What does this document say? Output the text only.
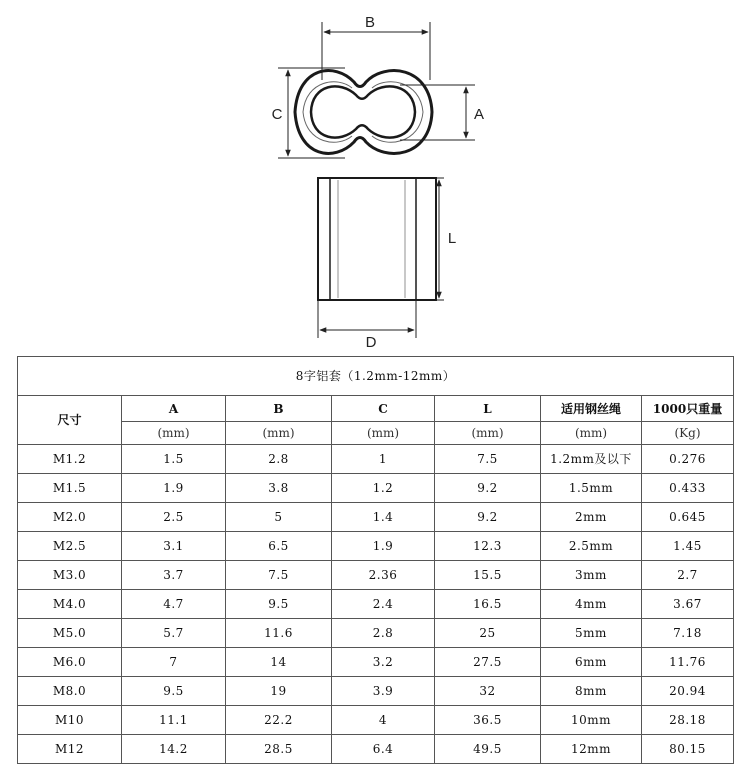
B
C	A
L
D
8字铝套（1.2mm-12mm）						
尺寸	A	B	C	L	适用钢丝绳	1000只重量
	(mm)	(mm)	(mm)	(mm)	(mm)	(Kg)
M1.2	1.5	2.8	1	7.5	1.2mm及以下	0.276
M1.5	1.9	3.8	1.2	9.2	1.5mm	0.433
M2.0	2.5	5	1.4	9.2	2mm	0.645
M2.5	3.1	6.5	1.9	12.3	2.5mm	1.45
M3.0	3.7	7.5	2.36	15.5	3mm	2.7
M4.0	4.7	9.5	2.4	16.5	4mm	3.67
M5.0	5.7	11.6	2.8	25	5mm	7.18
M6.0	7	14	3.2	27.5	6mm	11.76
M8.0	9.5	19	3.9	32	8mm	20.94
M10	11.1	22.2	4	36.5	10mm	28.18
M12	14.2	28.5	6.4	49.5	12mm	80.15
